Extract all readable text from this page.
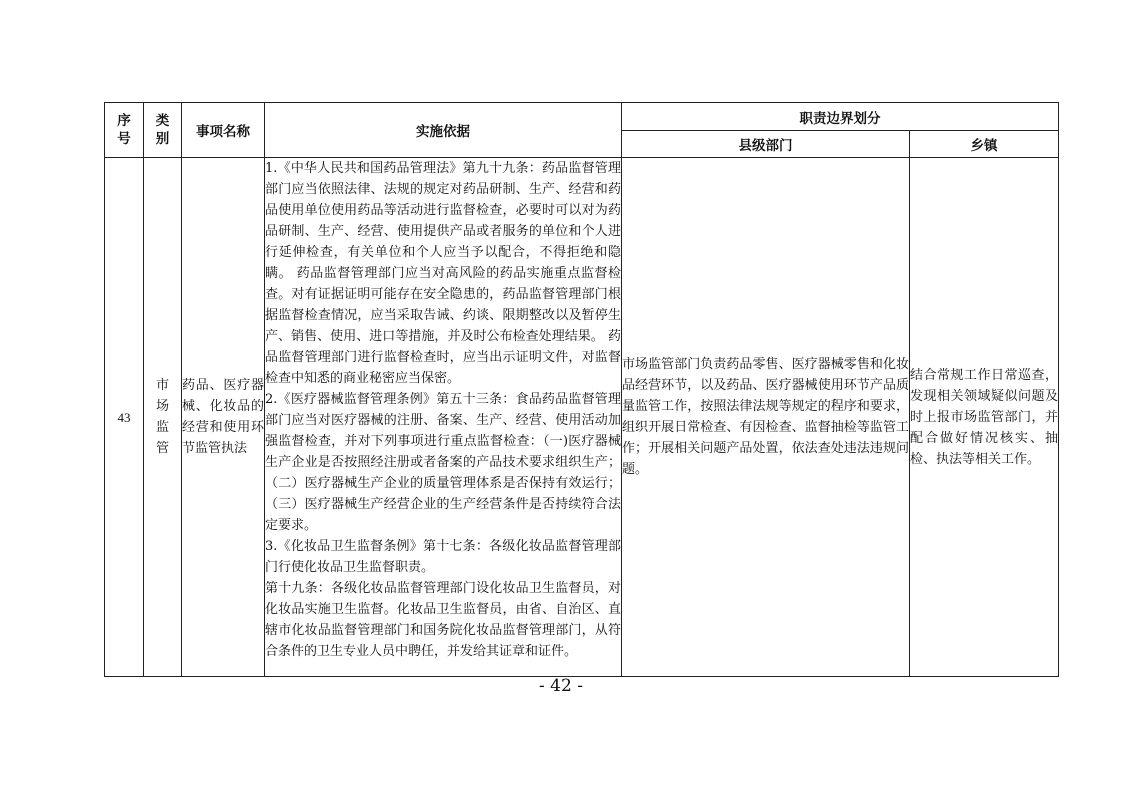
序号	类别	事项名称	实施依据	职责边界划分	
				县级部门	乡镇
43	市场监管	药品、医疗器械、化妆品的经营和使用环节监管执法	1.《中华人民共和国药品管理法》第九十九条：药品监督管理部门应当依照法律、法规的规定对药品研制、生产、经营和药品使用单位使用药品等活动进行监督检查，必要时可以对为药品研制、生产、经营、使用提供产品或者服务的单位和个人进行延伸检查，有关单位和个人应当予以配合，不得拒绝和隐瞒。 药品监督管理部门应当对高风险的药品实施重点监督检查。对有证据证明可能存在安全隐患的，药品监督管理部门根据监督检查情况，应当采取告诫、约谈、限期整改以及暂停生产、销售、使用、进口等措施，并及时公布检查处理结果。 药品监督管理部门进行监督检查时，应当出示证明文件，对监督检查中知悉的商业秘密应当保密。

2.《医疗器械监督管理条例》第五十三条：食品药品监督管理部门应当对医疗器械的注册、备案、生产、经营、使用活动加强监督检查，并对下列事项进行重点监督检查：（一)医疗器械生产企业是否按照经注册或者备案的产品技术要求组织生产；（二）医疗器械生产企业的质量管理体系是否保持有效运行；（三）医疗器械生产经营企业的生产经营条件是否持续符合法定要求。

3.《化妆品卫生监督条例》第十七条：各级化妆品监督管理部门行使化妆品卫生监督职责。

第十九条：各级化妆品监督管理部门设化妆品卫生监督员，对化妆品实施卫生监督。化妆品卫生监督员，由省、自治区、直辖市化妆品监督管理部门和国务院化妆品监督管理部门，从符合条件的卫生专业人员中聘任，并发给其证章和证件。	市场监管部门负责药品零售、医疗器械零售和化妆品经营环节，以及药品、医疗器械使用环节产品质量监管工作，按照法律法规等规定的程序和要求，组织开展日常检查、有因检查、监督抽检等监管工作；开展相关问题产品处置，依法查处违法违规问题。	结合常规工作日常巡查，发现相关领域疑似问题及时上报市场监管部门，并配合做好情况核实、抽检、执法等相关工作。
- 42 -
